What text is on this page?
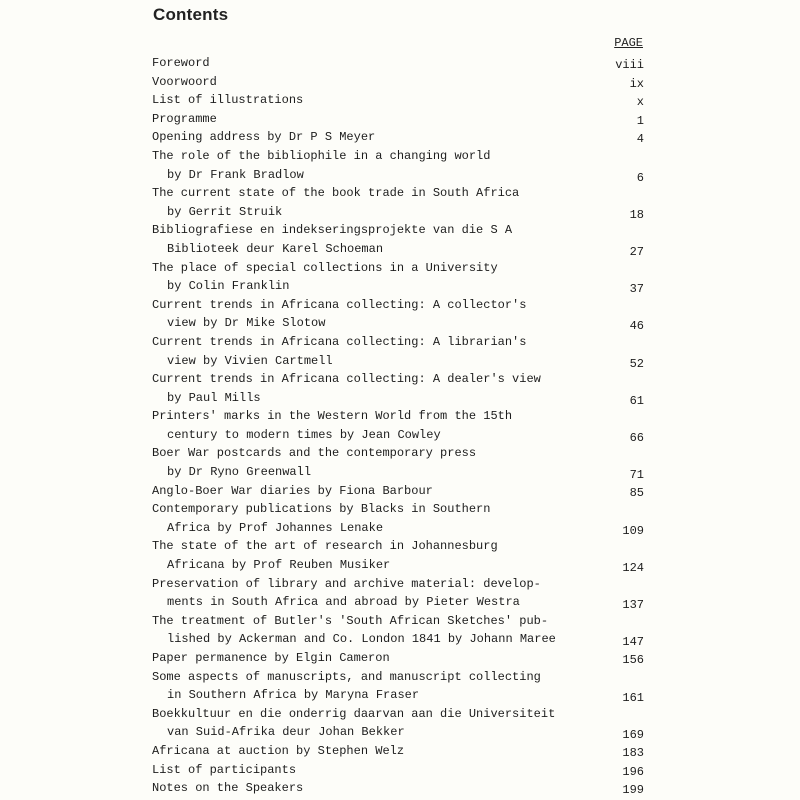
Contents
PAGE
Foreword	viii
Voorwoord	ix
List of illustrations	x
Programme	1
Opening address by Dr P S Meyer	4
The role of the bibliophile in a changing world
by Dr Frank Bradlow	6
The current state of the book trade in South Africa
by Gerrit Struik	18
Bibliografiese en indekseringsprojekte van die S A
Biblioteek deur Karel Schoeman	27
The place of special collections in a University
by Colin Franklin	37
Current trends in Africana collecting: A collector's
view by Dr Mike Slotow	46
Current trends in Africana collecting: A librarian's
view by Vivien Cartmell	52
Current trends in Africana collecting: A dealer's view
by Paul Mills	61
Printers' marks in the Western World from the 15th
century to modern times by Jean Cowley	66
Boer War postcards and the contemporary press
by Dr Ryno Greenwall	71
Anglo-Boer War diaries by Fiona Barbour	85
Contemporary publications by Blacks in Southern
Africa by Prof Johannes Lenake	109
The state of the art of research in Johannesburg
Africana by Prof Reuben Musiker	124
Preservation of library and archive material: develop-
ments in South Africa and abroad by Pieter Westra	137
The treatment of Butler's 'South African Sketches' pub-
lished by Ackerman and Co. London 1841 by Johann Maree	147
Paper permanence by Elgin Cameron	156
Some aspects of manuscripts, and manuscript collecting
in Southern Africa by Maryna Fraser	161
Boekkultuur en die onderrig daarvan aan die Universiteit
van Suid-Afrika deur Johan Bekker	169
Africana at auction by Stephen Welz	183
List of participants	196
Notes on the Speakers	199
